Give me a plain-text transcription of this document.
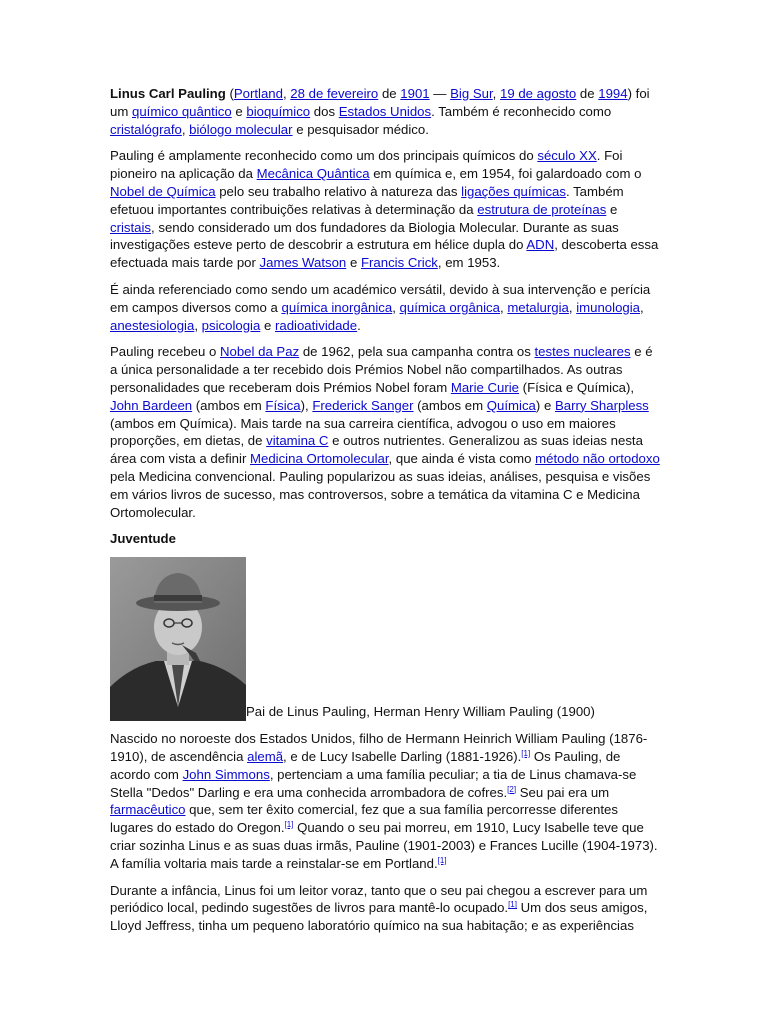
Linus Carl Pauling (Portland, 28 de fevereiro de 1901 — Big Sur, 19 de agosto de 1994) foi um químico quântico e bioquímico dos Estados Unidos. Também é reconhecido como cristalógrafo, biólogo molecular e pesquisador médico.

Pauling é amplamente reconhecido como um dos principais químicos do século XX. Foi pioneiro na aplicação da Mecânica Quântica em química e, em 1954, foi galardoado com o Nobel de Química pelo seu trabalho relativo à natureza das ligações químicas. Também efetuou importantes contribuições relativas à determinação da estrutura de proteínas e cristais, sendo considerado um dos fundadores da Biologia Molecular. Durante as suas investigações esteve perto de descobrir a estrutura em hélice dupla do ADN, descoberta essa efectuada mais tarde por James Watson e Francis Crick, em 1953.

É ainda referenciado como sendo um académico versátil, devido à sua intervenção e perícia em campos diversos como a química inorgânica, química orgânica, metalurgia, imunologia, anestesiologia, psicologia e radioatividade.

Pauling recebeu o Nobel da Paz de 1962, pela sua campanha contra os testes nucleares e é a única personalidade a ter recebido dois Prémios Nobel não compartilhados. As outras personalidades que receberam dois Prémios Nobel foram Marie Curie (Física e Química), John Bardeen (ambos em Física), Frederick Sanger (ambos em Química) e Barry Sharpless (ambos em Química). Mais tarde na sua carreira científica, advogou o uso em maiores proporções, em dietas, de vitamina C e outros nutrientes. Generalizou as suas ideias nesta área com vista a definir Medicina Ortomolecular, que ainda é vista como método não ortodoxo pela Medicina convencional. Pauling popularizou as suas ideias, análises, pesquisa e visões em vários livros de sucesso, mas controversos, sobre a temática da vitamina C e Medicina Ortomolecular.

Juventude
Pai de Linus Pauling, Herman Henry William Pauling (1900)

Nascido no noroeste dos Estados Unidos, filho de Hermann Heinrich William Pauling (1876-1910), de ascendência alemã, e de Lucy Isabelle Darling (1881-1926).[1] Os Pauling, de acordo com John Simmons, pertenciam a uma família peculiar; a tia de Linus chamava-se Stella "Dedos" Darling e era uma conhecida arrombadora de cofres.[2] Seu pai era um farmacêutico que, sem ter êxito comercial, fez que a sua família percorresse diferentes lugares do estado do Oregon.[1] Quando o seu pai morreu, em 1910, Lucy Isabelle teve que criar sozinha Linus e as suas duas irmãs, Pauline (1901-2003) e Frances Lucille (1904-1973). A família voltaria mais tarde a reinstalar-se em Portland.[1]

Durante a infância, Linus foi um leitor voraz, tanto que o seu pai chegou a escrever para um periódico local, pedindo sugestões de livros para mantê-lo ocupado.[1] Um dos seus amigos, Lloyd Jeffress, tinha um pequeno laboratório químico na sua habitação; e as experiências
